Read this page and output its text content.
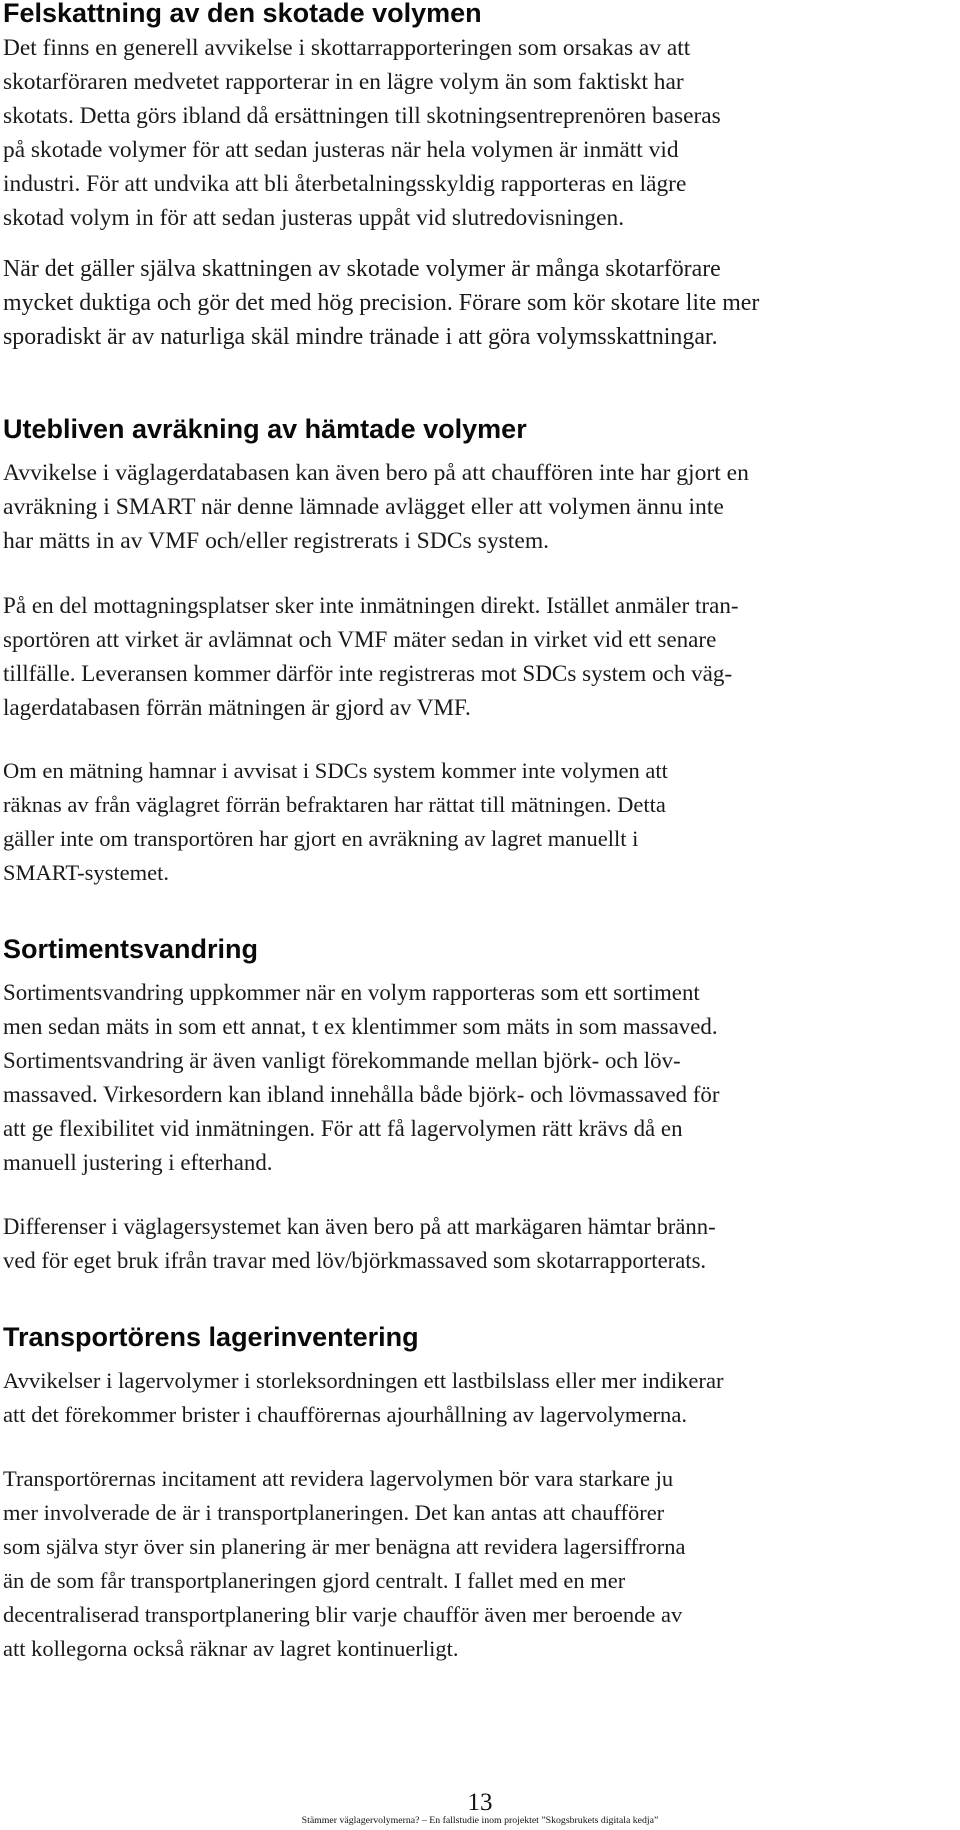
Felskattning av den skotade volymen

Det finns en generell avvikelse i skottarrapporteringen som orsakas av att

skotarföraren medvetet rapporterar in en lägre volym än som faktiskt har

skotats. Detta görs ibland då ersättningen till skotningsentreprenören baseras

på skotade volymer för att sedan justeras när hela volymen är inmätt vid

industri. För att undvika att bli återbetalningsskyldig rapporteras en lägre

skotad volym in för att sedan justeras uppåt vid slutredovisningen.

När det gäller själva skattningen av skotade volymer är många skotarförare

mycket duktiga och gör det med hög precision. Förare som kör skotare lite mer

sporadiskt är av naturliga skäl mindre tränade i att göra volymsskattningar.

Utebliven avräkning av hämtade volymer

Avvikelse i väglagerdatabasen kan även bero på att chauffören inte har gjort en

avräkning i SMART när denne lämnade avlägget eller att volymen ännu inte

har mätts in av VMF och/eller registrerats i SDCs system.

På en del mottagningsplatser sker inte inmätningen direkt. Istället anmäler tran-

sportören att virket är avlämnat och VMF mäter sedan in virket vid ett senare

tillfälle. Leveransen kommer därför inte registreras mot SDCs system och väg-

lagerdatabasen förrän mätningen är gjord av VMF.

Om en mätning hamnar i avvisat i SDCs system kommer inte volymen att

räknas av från väglagret förrän befraktaren har rättat till mätningen. Detta

gäller inte om transportören har gjort en avräkning av lagret manuellt i

SMART-systemet.

Sortimentsvandring

Sortimentsvandring uppkommer när en volym rapporteras som ett sortiment

men sedan mäts in som ett annat, t ex klentimmer som mäts in som massaved.

Sortimentsvandring är även vanligt förekommande mellan björk- och löv-

massaved. Virkesordern kan ibland innehålla både björk- och lövmassaved för

att ge flexibilitet vid inmätningen. För att få lagervolymen rätt krävs då en

manuell justering i efterhand.

Differenser i väglagersystemet kan även bero på att markägaren hämtar bränn-

ved för eget bruk ifrån travar med löv/björkmassaved som skotarrapporterats.

Transportörens lagerinventering

Avvikelser i lagervolymer i storleksordningen ett lastbilslass eller mer indikerar

att det förekommer brister i chaufförernas ajourhållning av lagervolymerna.

Transportörernas incitament att revidera lagervolymen bör vara starkare ju

mer involverade de är i transportplaneringen. Det kan antas att chaufförer

som själva styr över sin planering är mer benägna att revidera lagersiffrorna

än de som får transportplaneringen gjord centralt. I fallet med en mer

decentraliserad transportplanering blir varje chaufför även mer beroende av

att kollegorna också räknar av lagret kontinuerligt.

13
Stämmer väglagervolymerna? – En fallstudie inom projektet ”Skogsbrukets digitala kedja”
